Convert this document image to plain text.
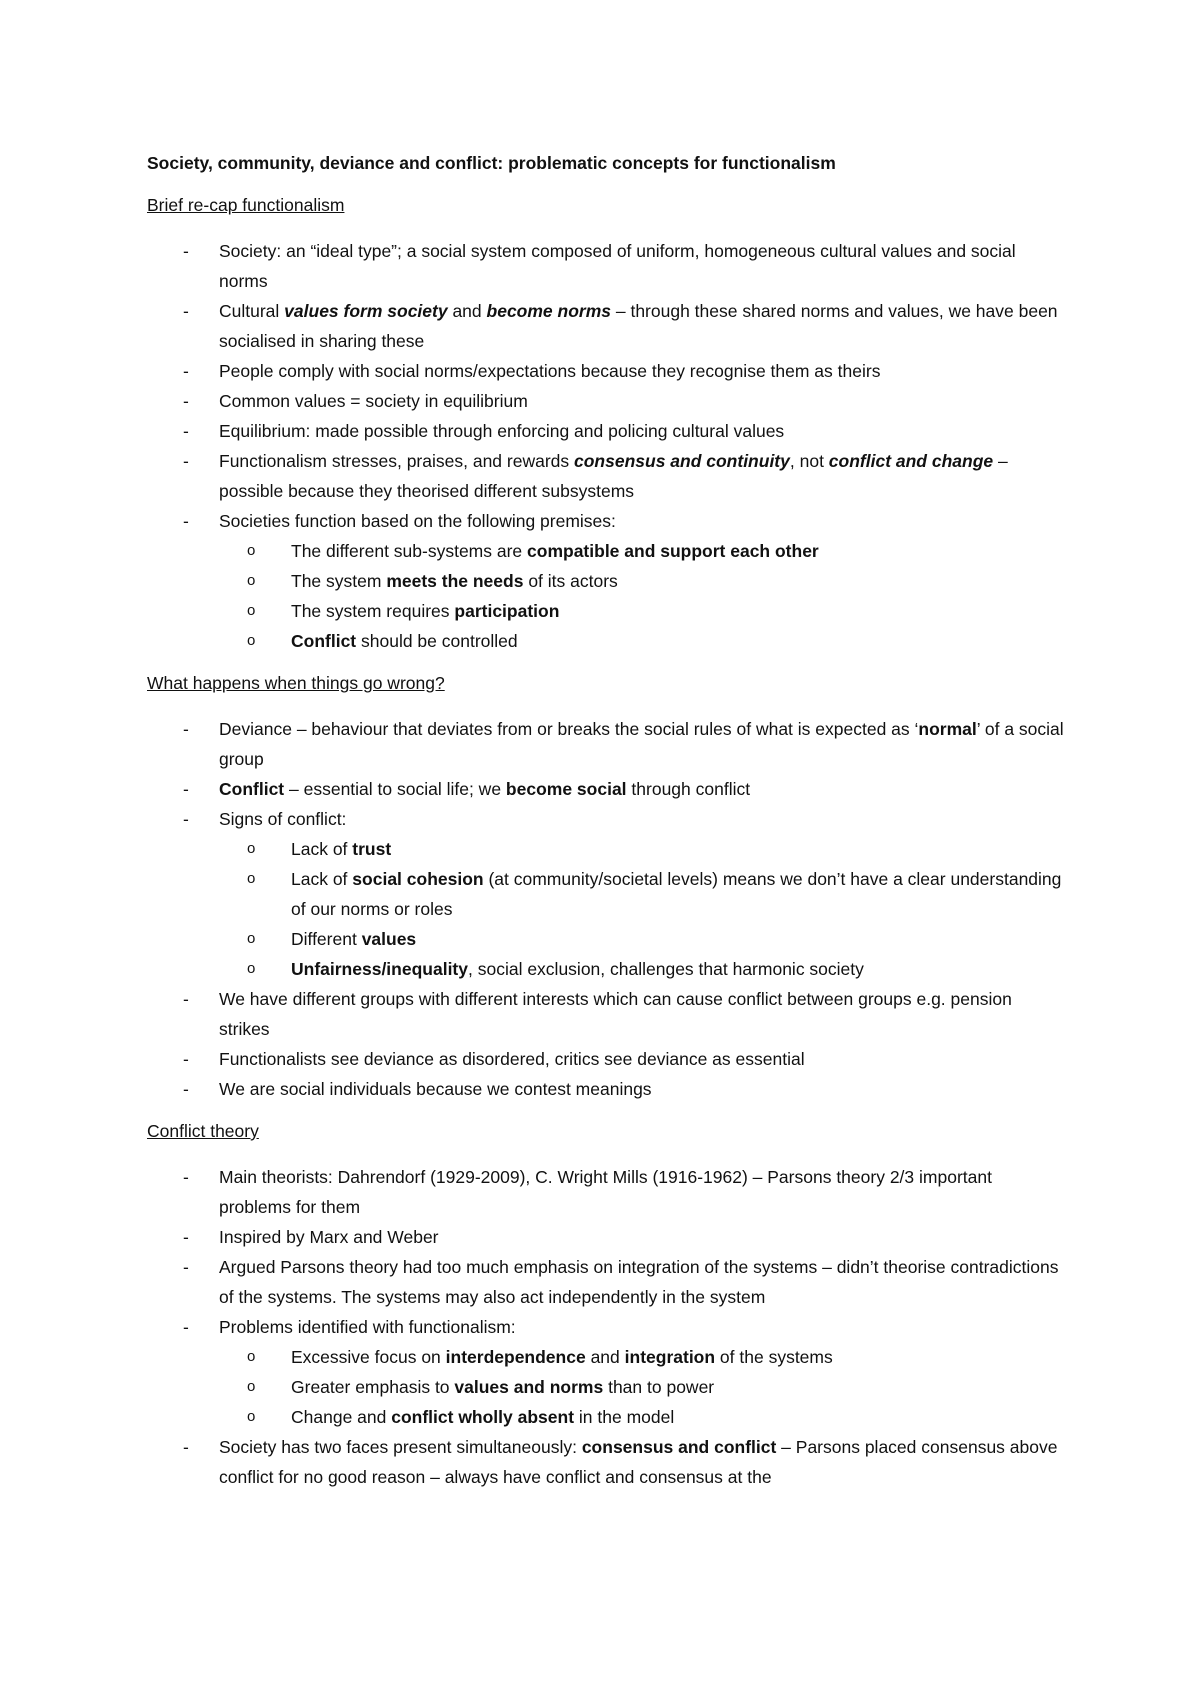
Society, community, deviance and conflict: problematic concepts for functionalism
Brief re-cap functionalism
- Society: an “ideal type”; a social system composed of uniform, homogeneous cultural values and social norms
- Cultural values form society and become norms – through these shared norms and values, we have been socialised in sharing these
- People comply with social norms/expectations because they recognise them as theirs
- Common values = society in equilibrium
- Equilibrium: made possible through enforcing and policing cultural values
- Functionalism stresses, praises, and rewards consensus and continuity, not conflict and change – possible because they theorised different subsystems
- Societies function based on the following premises:
o The different sub-systems are compatible and support each other
o The system meets the needs of its actors
o The system requires participation
o Conflict should be controlled
What happens when things go wrong?
- Deviance – behaviour that deviates from or breaks the social rules of what is expected as ‘normal’ of a social group
- Conflict – essential to social life; we become social through conflict
- Signs of conflict:
o Lack of trust
o Lack of social cohesion (at community/societal levels) means we don’t have a clear understanding of our norms or roles
o Different values
o Unfairness/inequality, social exclusion, challenges that harmonic society
- We have different groups with different interests which can cause conflict between groups e.g. pension strikes
- Functionalists see deviance as disordered, critics see deviance as essential
- We are social individuals because we contest meanings
Conflict theory
- Main theorists: Dahrendorf (1929-2009), C. Wright Mills (1916-1962) – Parsons theory 2/3 important problems for them
- Inspired by Marx and Weber
- Argued Parsons theory had too much emphasis on integration of the systems – didn’t theorise contradictions of the systems. The systems may also act independently in the system
- Problems identified with functionalism:
o Excessive focus on interdependence and integration of the systems
o Greater emphasis to values and norms than to power
o Change and conflict wholly absent in the model
- Society has two faces present simultaneously: consensus and conflict – Parsons placed consensus above conflict for no good reason – always have conflict and consensus at the
